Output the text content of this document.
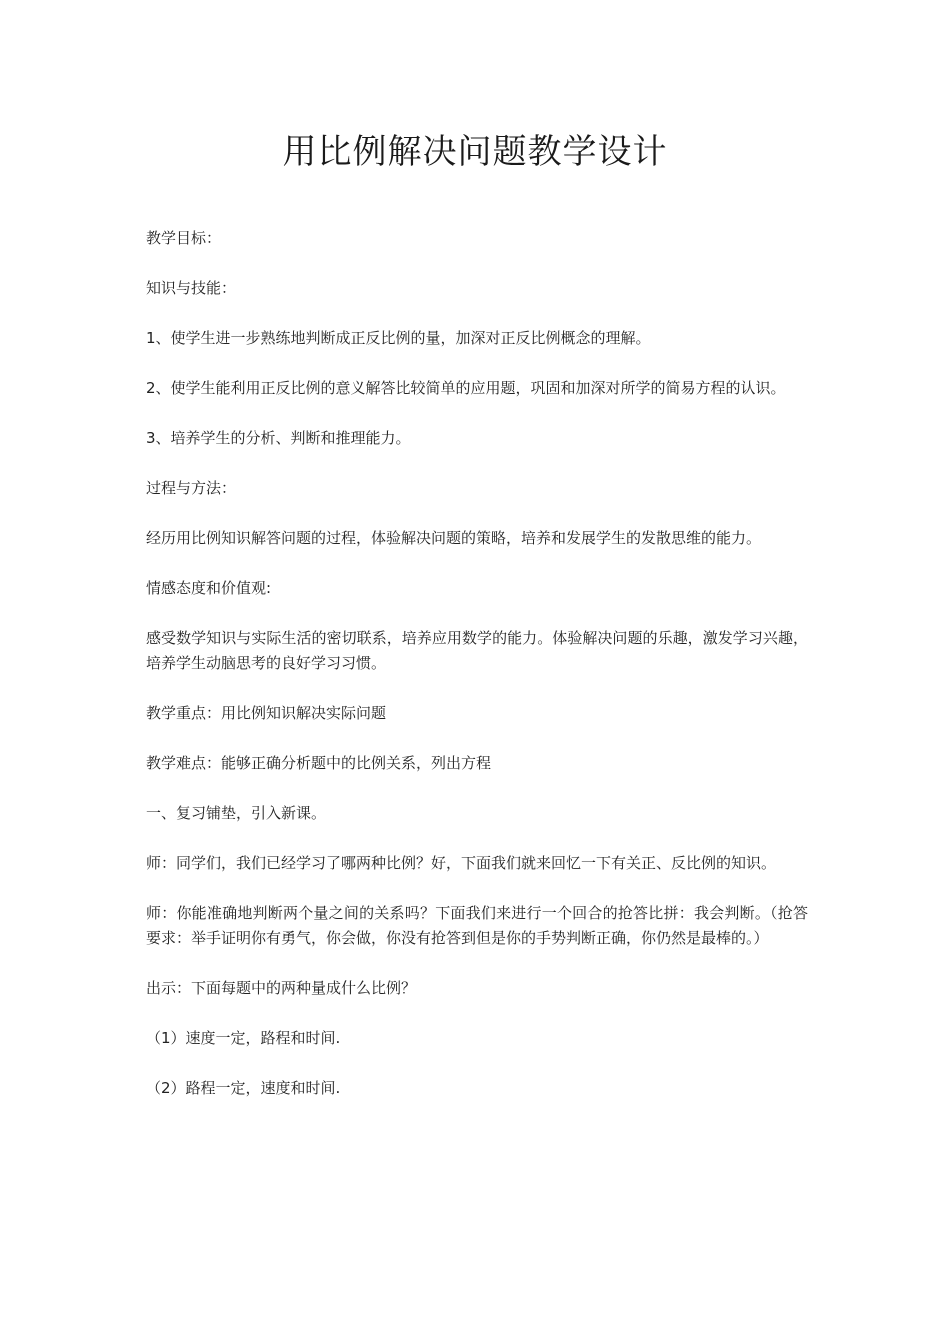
用比例解决问题教学设计

教学目标：

知识与技能：

1、使学生进一步熟练地判断成正反比例的量，加深对正反比例概念的理解。

2、使学生能利用正反比例的意义解答比较简单的应用题，巩固和加深对所学的简易方程的认识。

3、培养学生的分析、判断和推理能力。

过程与方法：

经历用比例知识解答问题的过程，体验解决问题的策略，培养和发展学生的发散思维的能力。

情感态度和价值观:

感受数学知识与实际生活的密切联系，培养应用数学的能力。体验解决问题的乐趣，激发学习兴趣，培养学生动脑思考的良好学习习惯。

教学重点：用比例知识解决实际问题

教学难点：能够正确分析题中的比例关系，列出方程

一、复习铺垫，引入新课。

师：同学们，我们已经学习了哪两种比例？好，下面我们就来回忆一下有关正、反比例的知识。

师：你能准确地判断两个量之间的关系吗？下面我们来进行一个回合的抢答比拼：我会判断。（抢答要求：举手证明你有勇气，你会做，你没有抢答到但是你的手势判断正确，你仍然是最棒的。）

出示：下面每题中的两种量成什么比例？

（1）速度一定，路程和时间.

（2）路程一定，速度和时间.
